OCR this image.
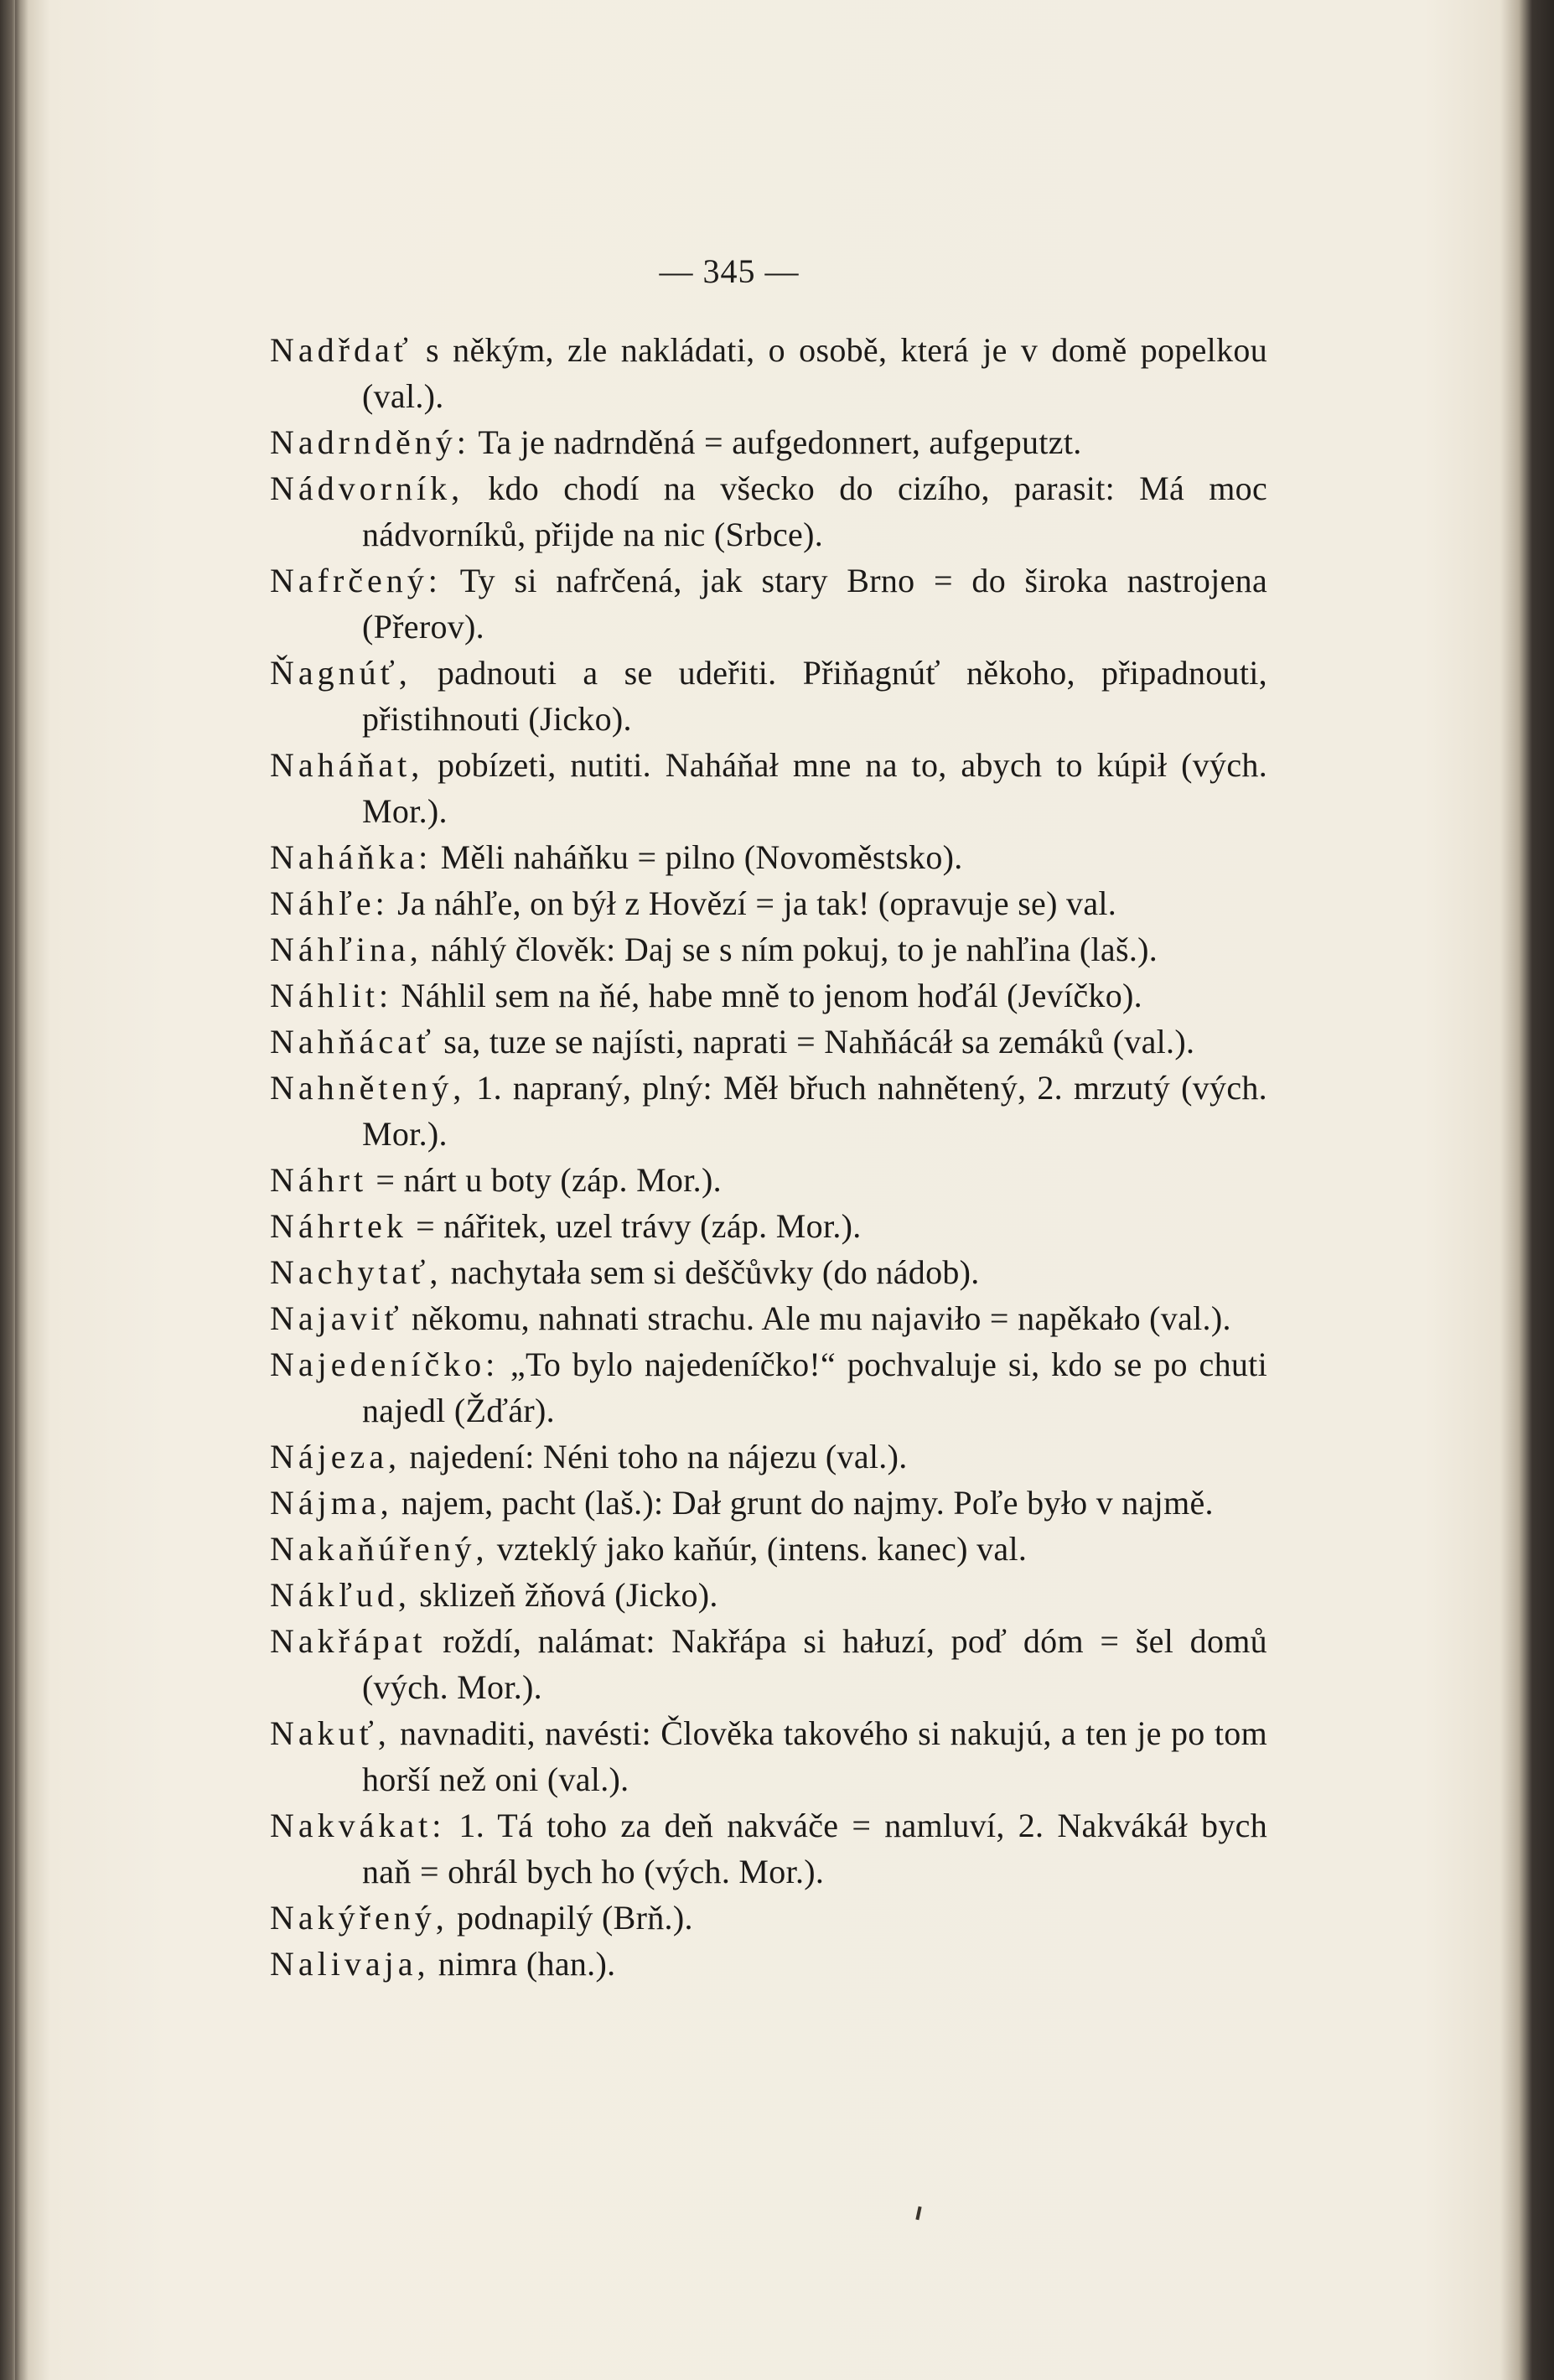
— 345 —
Nadřdať s někým, zle nakládati, o osobě, která je v domě popelkou (val.).
Nadrnděný: Ta je nadrnděná = aufgedonnert, aufgeputzt.
Nádvorník, kdo chodí na všecko do cizího, parasit: Má moc nádvorníků, přijde na nic (Srbce).
Nafrčený: Ty si nafrčená, jak stary Brno = do široka nastrojena (Přerov).
Ňagnúť, padnouti a se udeřiti. Přiňagnúť někoho, připadnouti, přistihnouti (Jicko).
Naháňat, pobízeti, nutiti. Naháňał mne na to, abych to kúpił (vých. Mor.).
Naháňka: Měli naháňku = pilno (Novoměstsko).
Náhľe: Ja náhľe, on býł z Hovězí = ja tak! (opravuje se) val.
Náhľina, náhlý člověk: Daj se s ním pokuj, to je nahľina (laš.).
Náhlit: Náhlil sem na ňé, habe mně to jenom hoďál (Jevíčko).
Nahňácať sa, tuze se najísti, naprati = Nahňácáł sa zemáků (val.).
Nahnětený, 1. napraný, plný: Měł břuch nahnětený, 2. mrzutý (vých. Mor.).
Náhrt = nárt u boty (záp. Mor.).
Náhrtek = nářitek, uzel trávy (záp. Mor.).
Nachytať, nachytała sem si deščůvky (do nádob).
Najaviť někomu, nahnati strachu. Ale mu najaviło = napěkało (val.).
Najedeníčko: „To bylo najedeníčko!“ pochvaluje si, kdo se po chuti najedl (Žďár).
Nájeza, najedení: Néni toho na nájezu (val.).
Nájma, najem, pacht (laš.): Dał grunt do najmy. Poľe było v najmě.
Nakaňúřený, vzteklý jako kaňúr, (intens. kanec) val.
Nákľud, sklizeň žňová (Jicko).
Nakřápat roždí, nalámat: Nakřápa si hałuzí, poď dóm = šel domů (vých. Mor.).
Nakuť, navnaditi, navésti: Člověka takového si nakujú, a ten je po tom horší než oni (val.).
Nakvákat: 1. Tá toho za deň nakváče = namluví, 2. Nakvákáł bych naň = ohrál bych ho (vých. Mor.).
Nakýřený, podnapilý (Brň.).
Nalivaja, nimra (han.).
